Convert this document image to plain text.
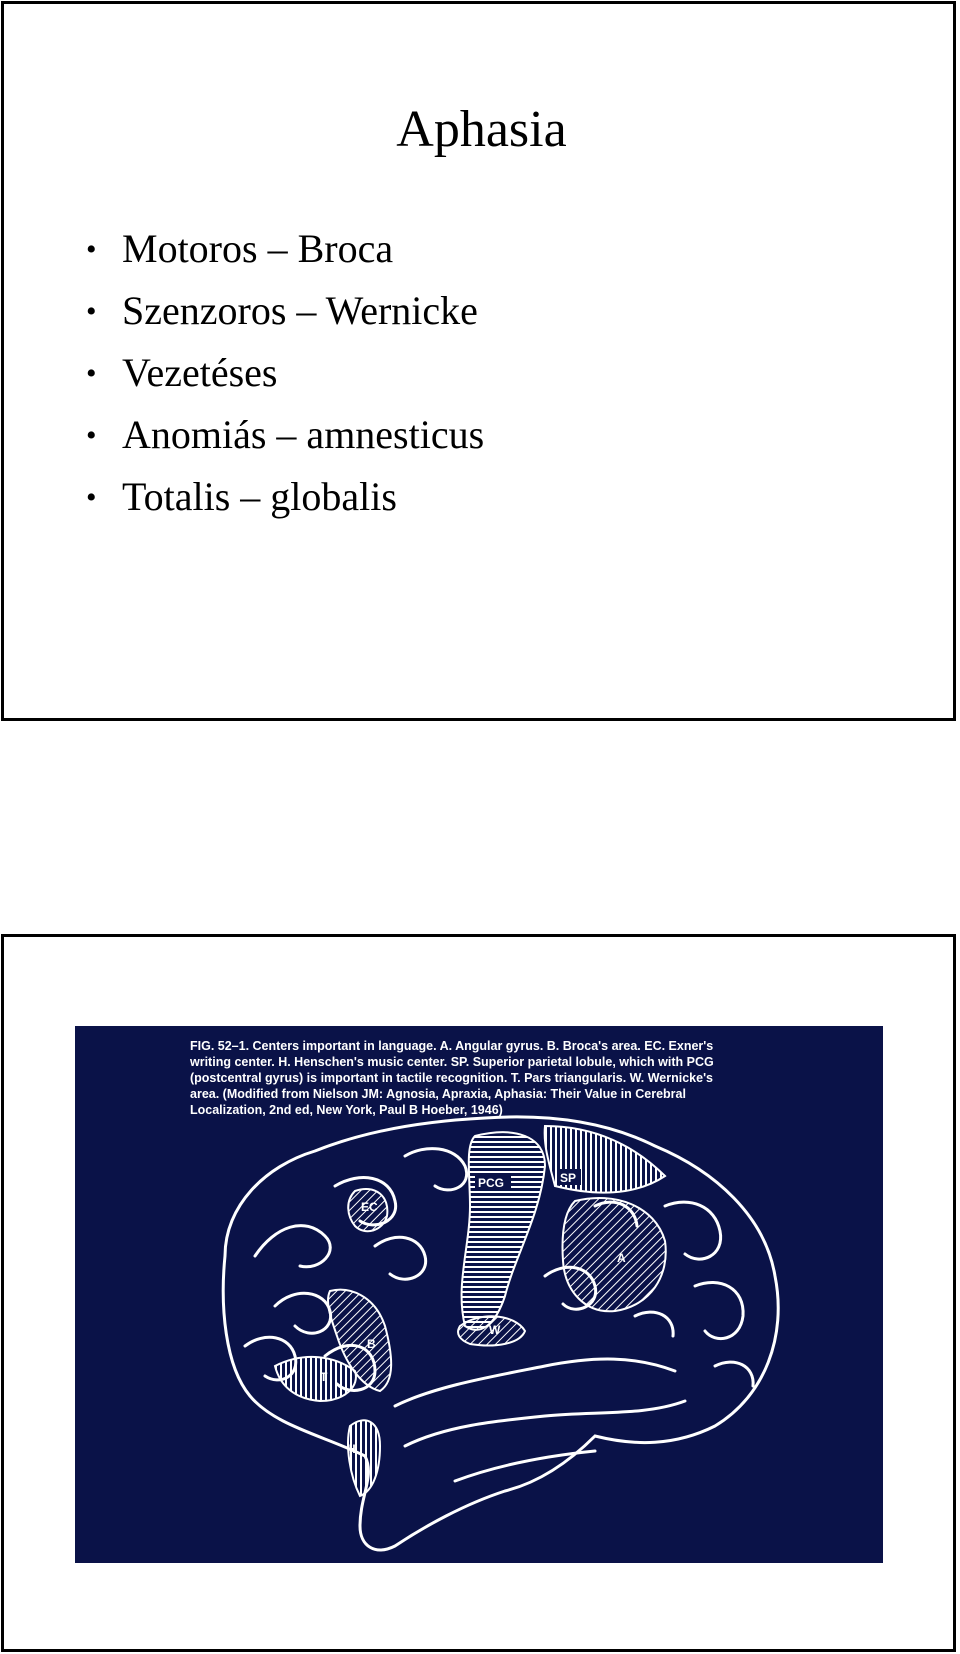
Aphasia
• Motoros – Broca
• Szenzoros – Wernicke
• Vezetéses
• Anomiás – amnesticus
• Totalis – globalis
FIG. 52–1. Centers important in language. A. Angular gyrus. B. Broca's area. EC. Exner's
writing center. H. Henschen's music center. SP. Superior parietal lobule, which with PCG
(postcentral gyrus) is important in tactile recognition. T. Pars triangularis. W. Wernicke's
area. (Modified from Nielson JM: Agnosia, Apraxia, Aphasia: Their Value in Cerebral
Localization, 2nd ed, New York, Paul B Hoeber, 1946)
PCG	SP
EC
A
W
B
T
H
